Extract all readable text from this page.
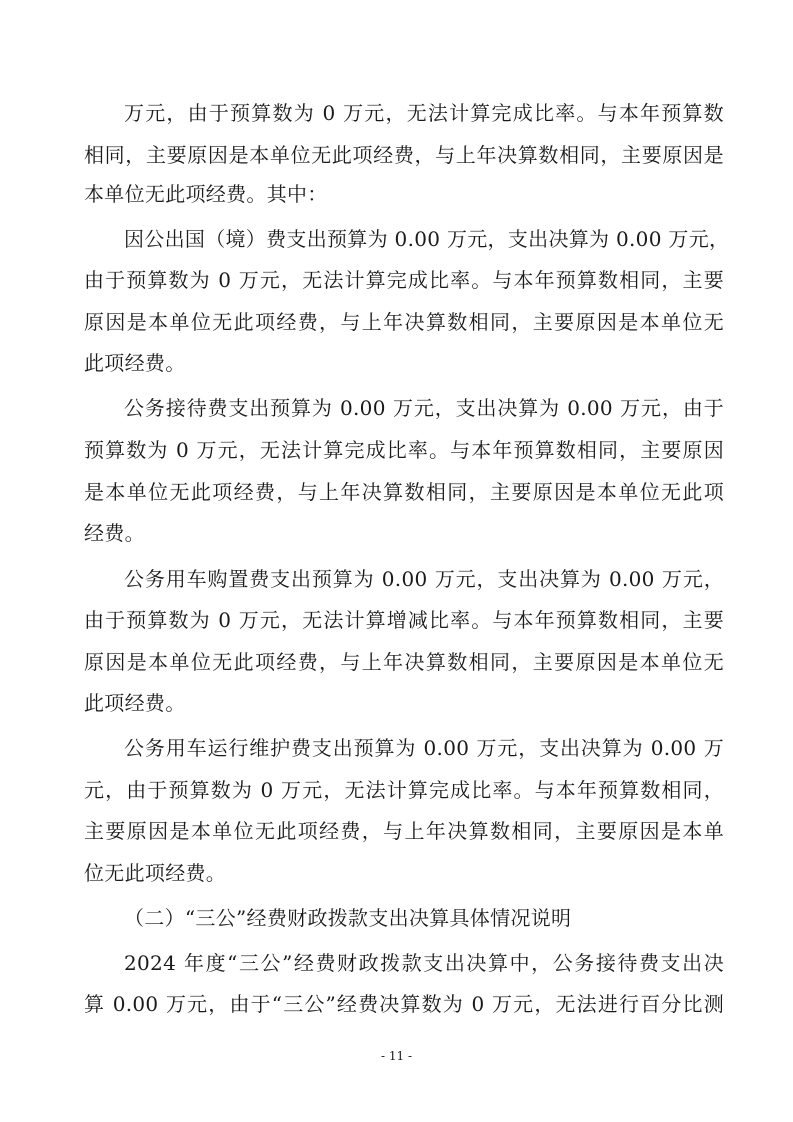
万元，由于预算数为 0 万元，无法计算完成比率。与本年预算数
相同，主要原因是本单位无此项经费，与上年决算数相同，主要原因是
本单位无此项经费。其中：
因公出国（境）费支出预算为 0.00 万元，支出决算为 0.00 万元，
由于预算数为 0 万元，无法计算完成比率。与本年预算数相同，主要
原因是本单位无此项经费，与上年决算数相同，主要原因是本单位无
此项经费。
公务接待费支出预算为 0.00 万元，支出决算为 0.00 万元，由于
预算数为 0 万元，无法计算完成比率。与本年预算数相同，主要原因
是本单位无此项经费，与上年决算数相同，主要原因是本单位无此项
经费。
公务用车购置费支出预算为 0.00 万元，支出决算为 0.00 万元，
由于预算数为 0 万元，无法计算增减比率。与本年预算数相同，主要
原因是本单位无此项经费，与上年决算数相同，主要原因是本单位无
此项经费。
公务用车运行维护费支出预算为 0.00 万元，支出决算为 0.00 万
元，由于预算数为 0 万元，无法计算完成比率。与本年预算数相同，
主要原因是本单位无此项经费，与上年决算数相同，主要原因是本单
位无此项经费。
（二）“三公”经费财政拨款支出决算具体情况说明
2024 年度“三公”经费财政拨款支出决算中，公务接待费支出决
算 0.00 万元，由于“三公”经费决算数为 0 万元，无法进行百分比测
- 11 -
